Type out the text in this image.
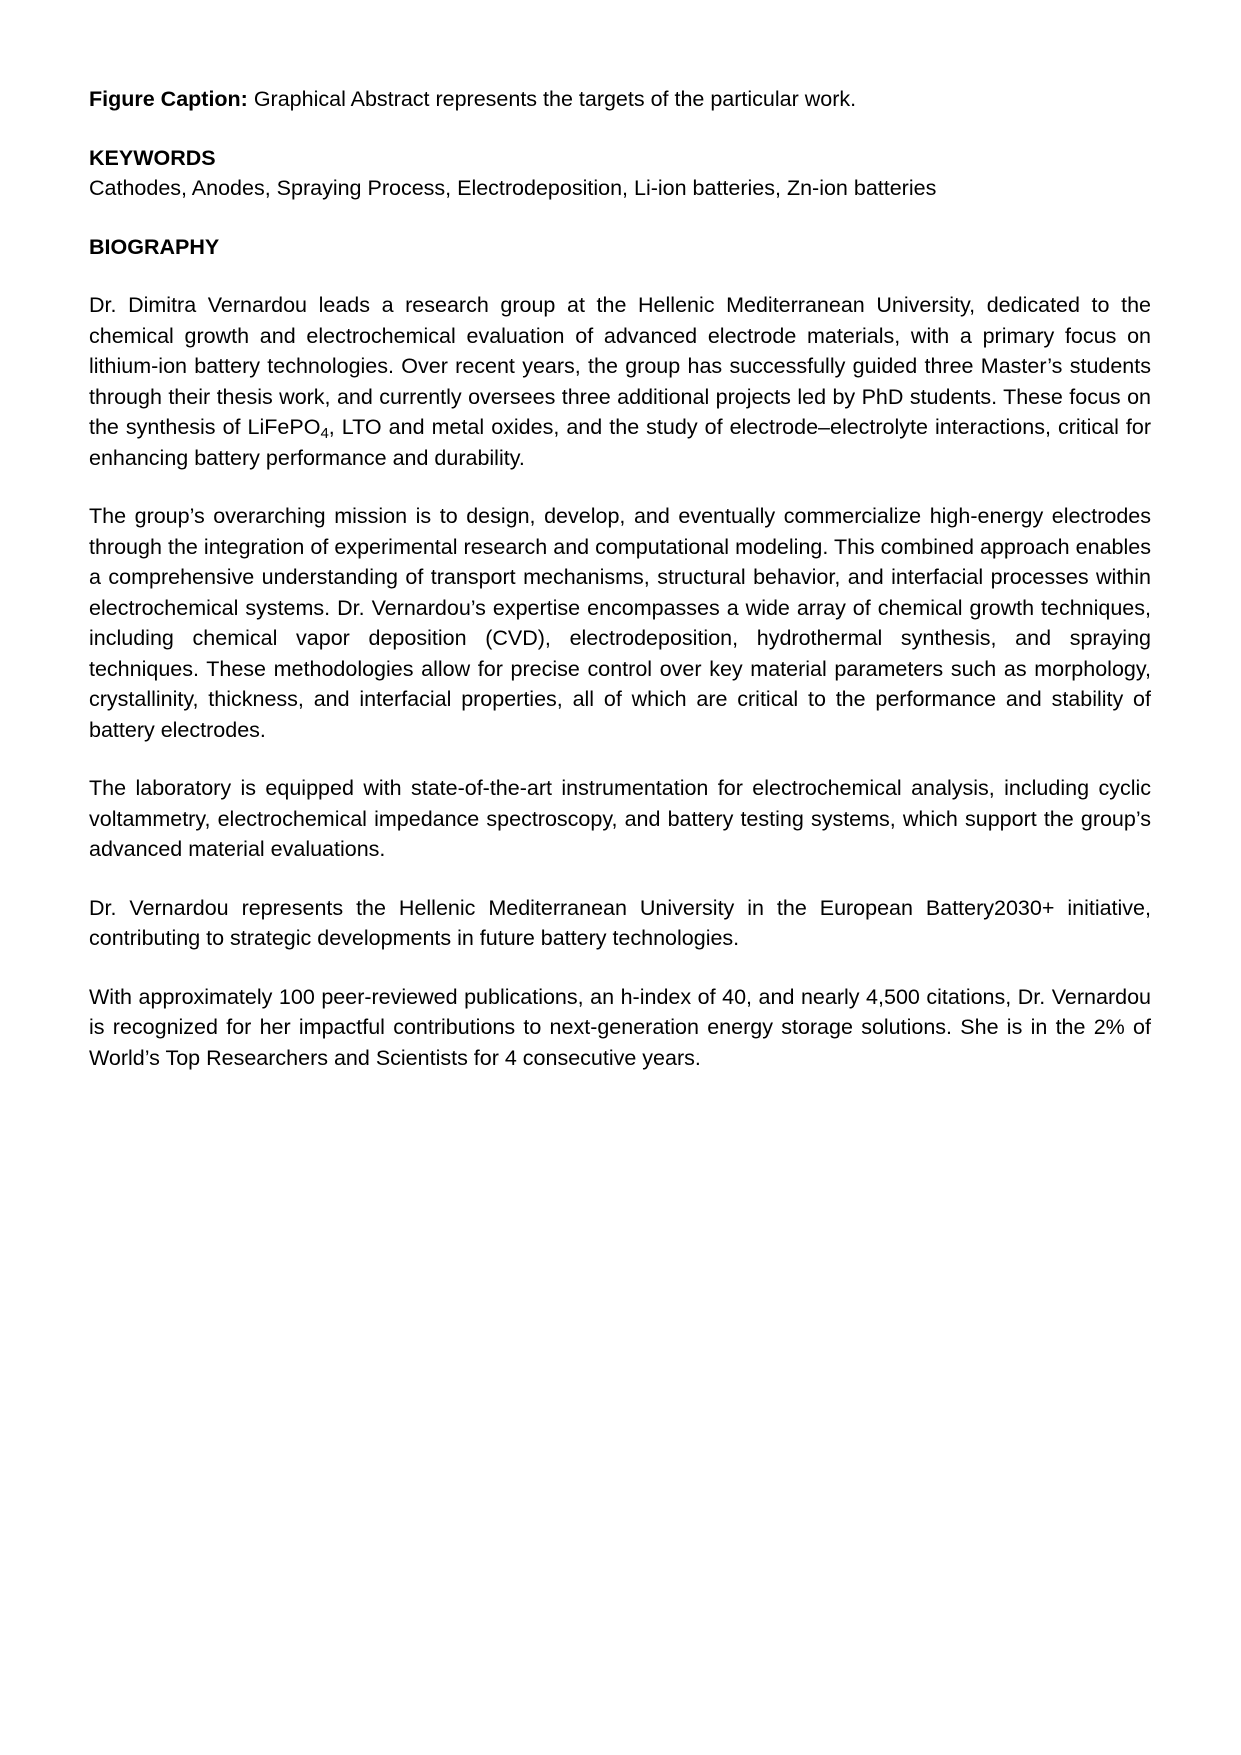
Figure Caption: Graphical Abstract represents the targets of the particular work.

KEYWORDS

Cathodes, Anodes, Spraying Process, Electrodeposition, Li-ion batteries, Zn-ion batteries

BIOGRAPHY

Dr. Dimitra Vernardou leads a research group at the Hellenic Mediterranean University, dedicated to the chemical growth and electrochemical evaluation of advanced electrode materials, with a primary focus on lithium-ion battery technologies. Over recent years, the group has successfully guided three Master’s students through their thesis work, and currently oversees three additional projects led by PhD students. These focus on the synthesis of LiFePO$_4$, LTO and metal oxides, and the study of electrode–electrolyte interactions, critical for enhancing battery performance and durability.

The group’s overarching mission is to design, develop, and eventually commercialize high-energy electrodes through the integration of experimental research and computational modeling. This combined approach enables a comprehensive understanding of transport mechanisms, structural behavior, and interfacial processes within electrochemical systems. Dr. Vernardou’s expertise encompasses a wide array of chemical growth techniques, including chemical vapor deposition (CVD), electrodeposition, hydrothermal synthesis, and spraying techniques. These methodologies allow for precise control over key material parameters such as morphology, crystallinity, thickness, and interfacial properties, all of which are critical to the performance and stability of battery electrodes.

The laboratory is equipped with state-of-the-art instrumentation for electrochemical analysis, including cyclic voltammetry, electrochemical impedance spectroscopy, and battery testing systems, which support the group’s advanced material evaluations.

Dr. Vernardou represents the Hellenic Mediterranean University in the European Battery2030+ initiative, contributing to strategic developments in future battery technologies.

With approximately 100 peer-reviewed publications, an h-index of 40, and nearly 4,500 citations, Dr. Vernardou is recognized for her impactful contributions to next-generation energy storage solutions. She is in the 2% of World’s Top Researchers and Scientists for 4 consecutive years.
